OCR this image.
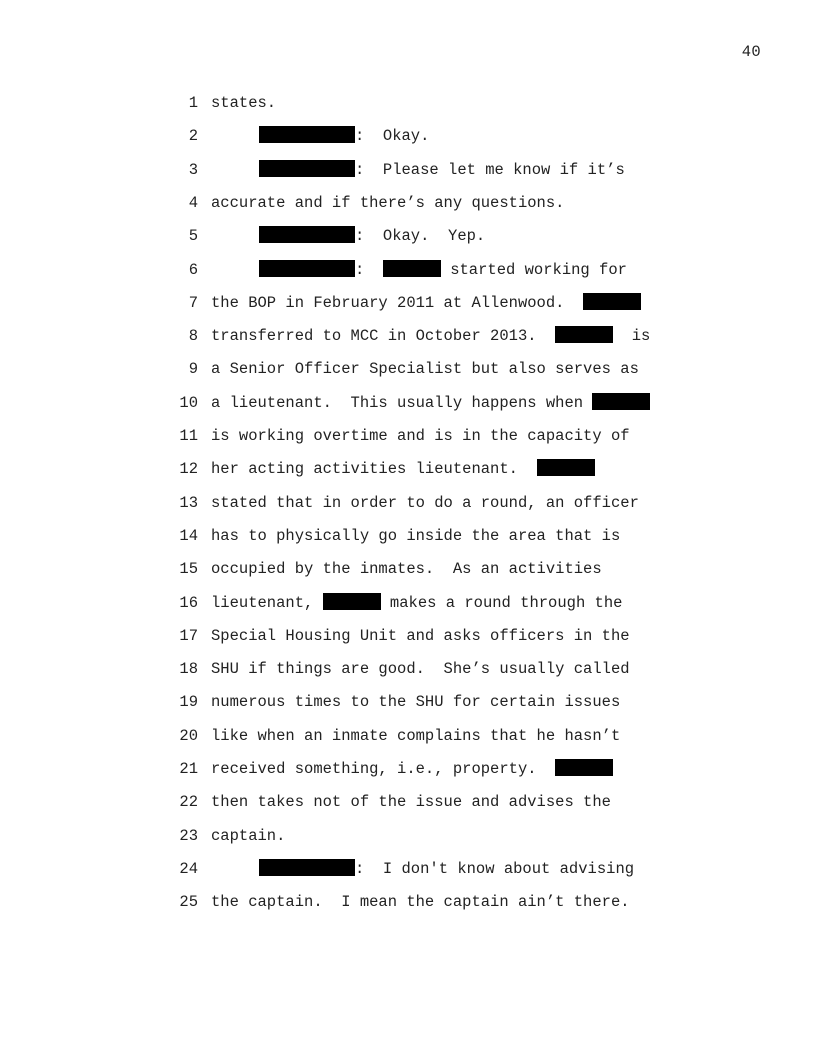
40
1 states.
2	:  Okay.
3	:  Please let me know if it’s
4 accurate and if there’s any questions.
5	:  Okay.  Yep.
6	:	started working for
7 the BOP in February 2011 at Allenwood.
8 transferred to MCC in October 2013.	is
9 a Senior Officer Specialist but also serves as
10 a lieutenant.  This usually happens when
11 is working overtime and is in the capacity of
12 her acting activities lieutenant.
13 stated that in order to do a round, an officer
14 has to physically go inside the area that is
15 occupied by the inmates.  As an activities
16 lieutenant,	makes a round through the
17 Special Housing Unit and asks officers in the
18 SHU if things are good.  She’s usually called
19 numerous times to the SHU for certain issues
20 like when an inmate complains that he hasn’t
21 received something, i.e., property.
22 then takes not of the issue and advises the
23 captain.
24	:  I don't know about advising
25 the captain.  I mean the captain ain’t there.
